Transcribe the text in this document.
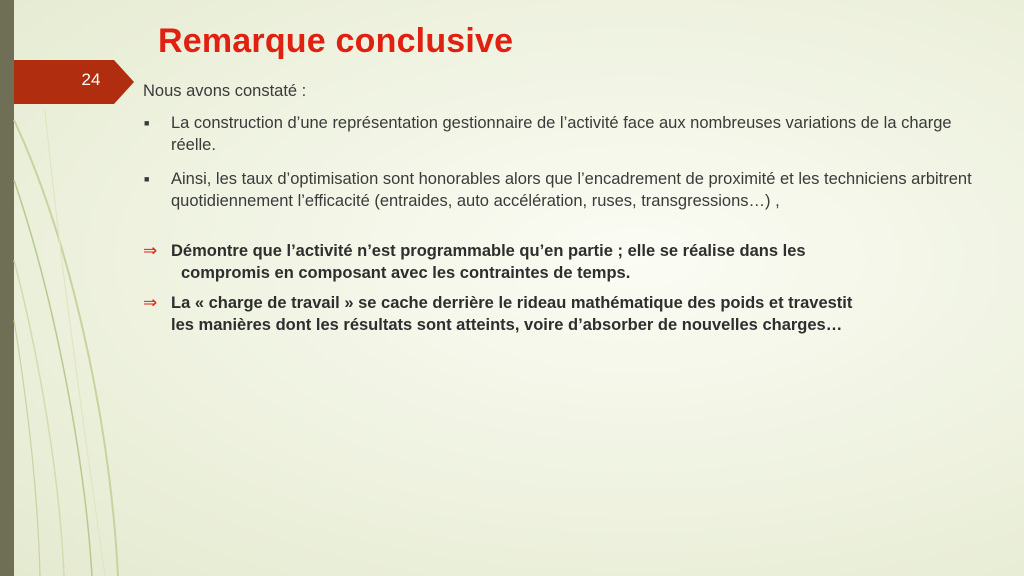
24
Remarque conclusive
Nous avons constaté :
■ La construction d’une représentation gestionnaire de l’activité face aux nombreuses variations de la charge réelle.
■ Ainsi, les taux d’optimisation sont honorables alors que l’encadrement de proximité et les techniciens arbitrent quotidiennement l’efficacité (entraides, auto accélération, ruses, transgressions…) ,
⇒ Démontre que l’activité n’est programmable qu’en partie ; elle se réalise dans les
compromis en composant avec les contraintes de temps.
⇒ La « charge de travail » se cache derrière le rideau mathématique des poids et travestit
les manières dont les résultats sont atteints, voire d’absorber de nouvelles charges…
